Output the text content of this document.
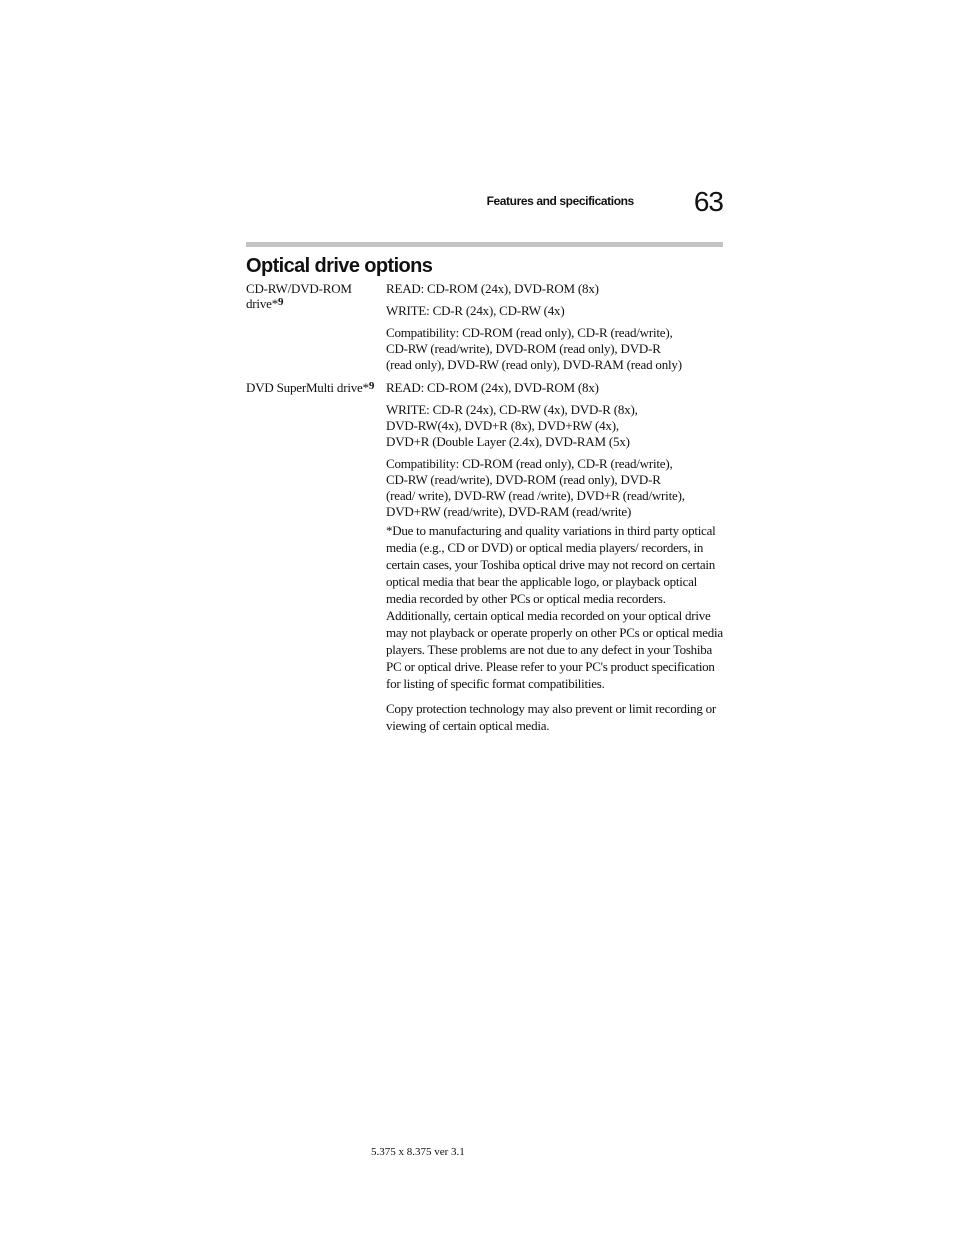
Features and specifications 63
Optical drive options
CD-RW/DVD-ROM drive*$^9$

READ: CD-ROM (24x), DVD-ROM (8x)

WRITE: CD-R (24x), CD-RW (4x)

Compatibility: CD-ROM (read only), CD-R (read/write),
CD-RW (read/write), DVD-ROM (read only), DVD-R
(read only), DVD-RW (read only), DVD-RAM (read only)

DVD SuperMulti drive*$^9$ READ: CD-ROM (24x), DVD-ROM (8x)

WRITE: CD-R (24x), CD-RW (4x), DVD-R (8x),
DVD-RW(4x), DVD+R (8x), DVD+RW (4x),
DVD+R (Double Layer (2.4x), DVD-RAM (5x)

Compatibility: CD-ROM (read only), CD-R (read/write),
CD-RW (read/write), DVD-ROM (read only), DVD-R
(read/ write), DVD-RW (read /write), DVD+R (read/write),
DVD+RW (read/write), DVD-RAM (read/write)

*Due to manufacturing and quality variations in third party optical media (e.g., CD or DVD) or optical media players/ recorders, in certain cases, your Toshiba optical drive may not record on certain optical media that bear the applicable logo, or playback optical media recorded by other PCs or optical media recorders. Additionally, certain optical media recorded on your optical drive may not playback or operate properly on other PCs or optical media players. These problems are not due to any defect in your Toshiba PC or optical drive. Please refer to your PC's product specification for listing of specific format compatibilities.

Copy protection technology may also prevent or limit recording or viewing of certain optical media.

5.375 x 8.375 ver 3.1
